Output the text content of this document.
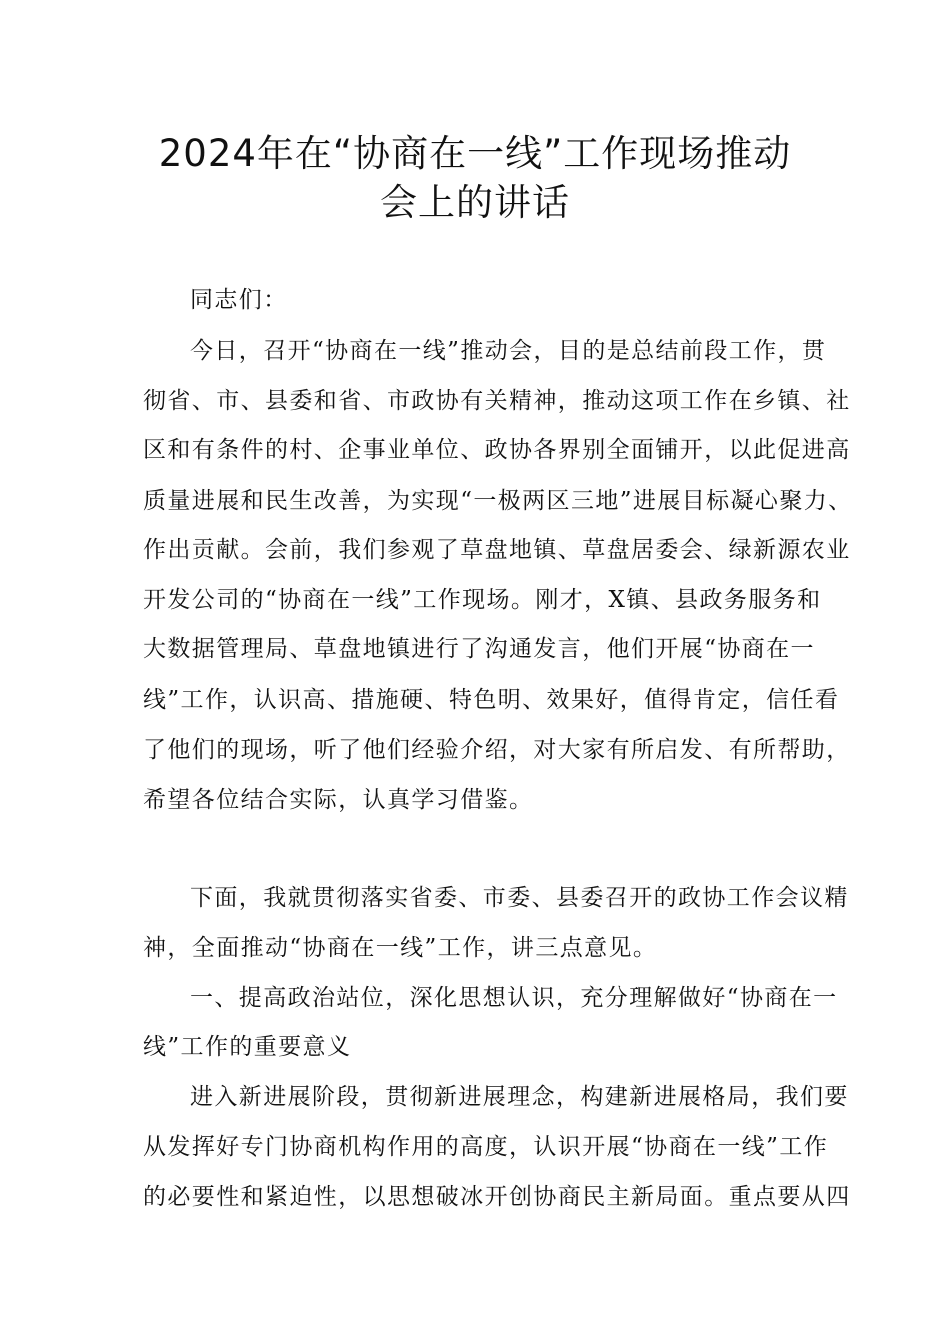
2024年在“协商在一线”工作现场推动
会上的讲话
同志们：
今日，召开“协商在一线”推动会，目的是总结前段工作，贯
彻省、市、县委和省、市政协有关精神，推动这项工作在乡镇、社
区和有条件的村、企事业单位、政协各界别全面铺开，以此促进高
质量进展和民生改善，为实现“一极两区三地”进展目标凝心聚力、
作出贡献。会前，我们参观了草盘地镇、草盘居委会、绿新源农业
开发公司的“协商在一线”工作现场。刚才，X镇、县政务服务和
大数据管理局、草盘地镇进行了沟通发言，他们开展“协商在一
线”工作，认识高、措施硬、特色明、效果好，值得肯定，信任看
了他们的现场，听了他们经验介绍，对大家有所启发、有所帮助，
希望各位结合实际，认真学习借鉴。
下面，我就贯彻落实省委、市委、县委召开的政协工作会议精
神，全面推动“协商在一线”工作，讲三点意见。
一、提高政治站位，深化思想认识，充分理解做好“协商在一
线”工作的重要意义
进入新进展阶段，贯彻新进展理念，构建新进展格局，我们要
从发挥好专门协商机构作用的高度，认识开展“协商在一线”工作
的必要性和紧迫性，以思想破冰开创协商民主新局面。重点要从四
